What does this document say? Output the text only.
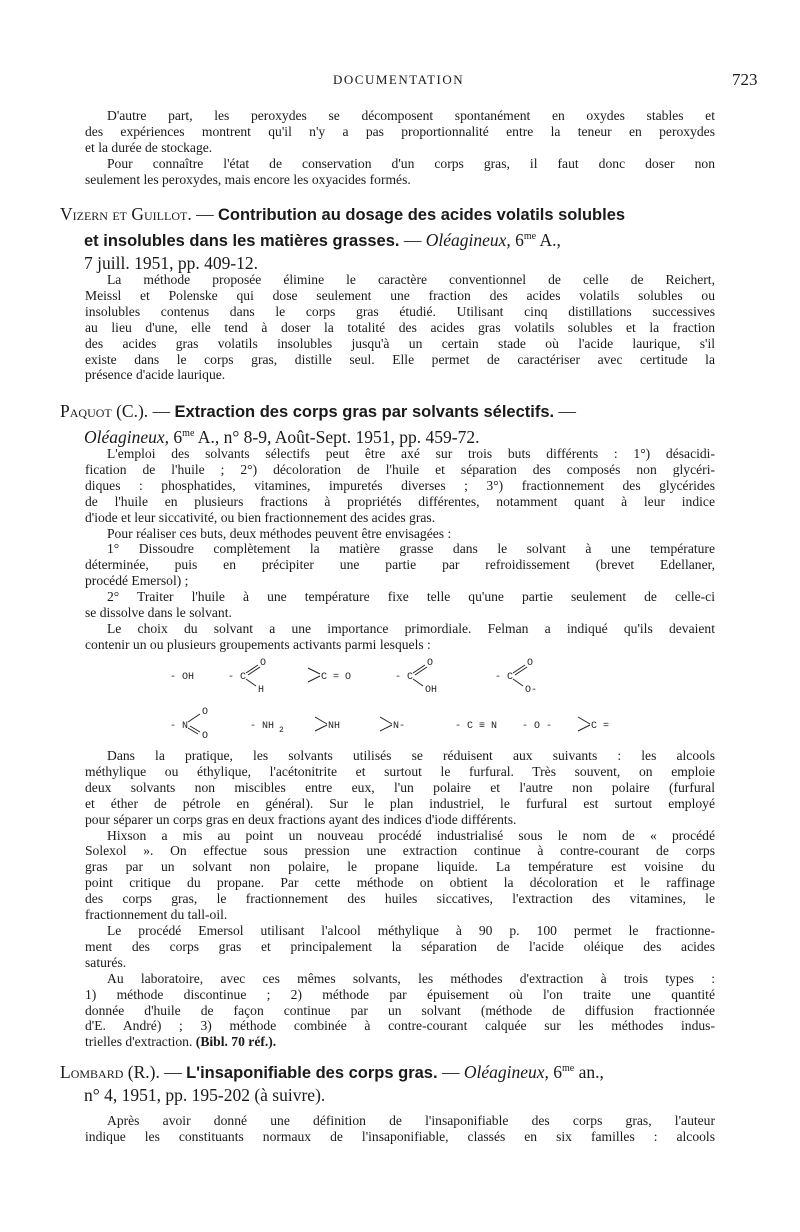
DOCUMENTATION	723
D'autre part, les peroxydes se décomposent spontanément en oxydes stables et
des expériences montrent qu'il n'y a pas proportionnalité entre la teneur en peroxydes
et la durée de stockage.
Pour connaître l'état de conservation d'un corps gras, il faut donc doser non
seulement les peroxydes, mais encore les oxyacides formés.
Vizern et Guillot. — Contribution au dosage des acides volatils solubles
et insolubles dans les matières grasses. — Oléagineux, $6^{me}$ A.,
7 juill. 1951, pp. 409-12.
La méthode proposée élimine le caractère conventionnel de celle de Reichert,
Meissl et Polenske qui dose seulement une fraction des acides volatils solubles ou
insolubles contenus dans le corps gras étudié. Utilisant cinq distillations successives
au lieu d'une, elle tend à doser la totalité des acides gras volatils solubles et la fraction
des acides gras volatils insolubles jusqu'à un certain stade où l'acide laurique, s'il
existe dans le corps gras, distille seul. Elle permet de caractériser avec certitude la
présence d'acide laurique.
Paquot (C.). — Extraction des corps gras par solvants sélectifs. —
Oléagineux, $6^{me}$ A., n° 8-9, Août-Sept. 1951, pp. 459-72.
L'emploi des solvants sélectifs peut être axé sur trois buts différents : 1°) désacidi-
fication de l'huile ; 2°) décoloration de l'huile et séparation des composés non glycéri-
diques : phosphatides, vitamines, impuretés diverses ; 3°) fractionnement des glycérides
de l'huile en plusieurs fractions à propriétés différentes, notamment quant à leur indice
d'iode et leur siccativité, ou bien fractionnement des acides gras.
Pour réaliser ces buts, deux méthodes peuvent être envisagées :
1° Dissoudre complètement la matière grasse dans le solvant à une température
déterminée, puis en précipiter une partie par refroidissement (brevet Edellaner,
procédé Emersol) ;
2° Traiter l'huile à une température fixe telle qu'une partie seulement de celle-ci
se dissolve dans le solvant.
Le choix du solvant a une importance primordiale. Felman a indiqué qu'ils devaient
contenir un ou plusieurs groupements activants parmi lesquels :
- OH	- C
O
H
C = O	- C
O
OH
- C
O
O-
- N
O
O
- NH 2	NH	N-	- C ≡ N - O -	C =
Dans la pratique, les solvants utilisés se réduisent aux suivants : les alcools
méthylique ou éthylique, l'acétonitrite et surtout le furfural. Très souvent, on emploie
deux solvants non miscibles entre eux, l'un polaire et l'autre non polaire (furfural
et éther de pétrole en général). Sur le plan industriel, le furfural est surtout employé
pour séparer un corps gras en deux fractions ayant des indices d'iode différents.
Hixson a mis au point un nouveau procédé industrialisé sous le nom de « procédé
Solexol ». On effectue sous pression une extraction continue à contre-courant de corps
gras par un solvant non polaire, le propane liquide. La température est voisine du
point critique du propane. Par cette méthode on obtient la décoloration et le raffinage
des corps gras, le fractionnement des huiles siccatives, l'extraction des vitamines, le
fractionnement du tall-oil.
Le procédé Emersol utilisant l'alcool méthylique à 90 p. 100 permet le fractionne-
ment des corps gras et principalement la séparation de l'acide oléique des acides
saturés.
Au laboratoire, avec ces mêmes solvants, les méthodes d'extraction à trois types :
1) méthode discontinue ; 2) méthode par épuisement où l'on traite une quantité
donnée d'huile de façon continue par un solvant (méthode de diffusion fractionnée
d'E. André) ; 3) méthode combinée à contre-courant calquée sur les méthodes indus-
trielles d'extraction. (Bibl. 70 réf.).
Lombard (R.). — L'insaponifiable des corps gras. — Oléagineux, $6^{me}$ an.,
n° 4, 1951, pp. 195-202 (à suivre).
Après avoir donné une définition de l'insaponifiable des corps gras, l'auteur
indique les constituants normaux de l'insaponifiable, classés en six familles : alcools
